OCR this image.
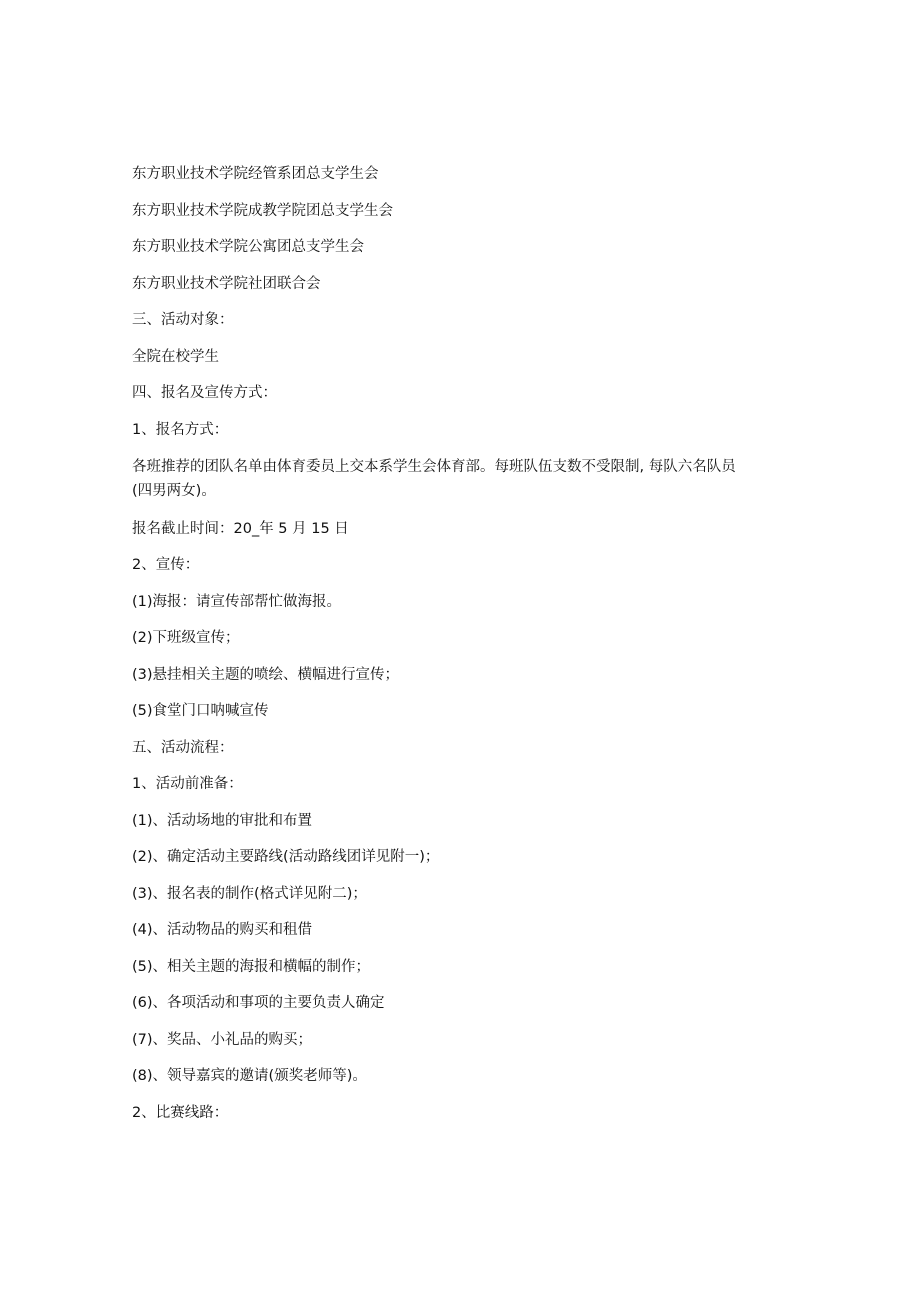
东方职业技术学院经管系团总支学生会
东方职业技术学院成教学院团总支学生会
东方职业技术学院公寓团总支学生会
东方职业技术学院社团联合会
三、活动对象：
全院在校学生
四、报名及宣传方式：
1、报名方式：
各班推荐的团队名单由体育委员上交本系学生会体育部。每班队伍支数不受限制, 每队六名队员
(四男两女)。
报名截止时间：20_年 5 月 15 日
2、宣传：
(1)海报：请宣传部帮忙做海报。
(2)下班级宣传；
(3)悬挂相关主题的喷绘、横幅进行宣传；
(5)食堂门口呐喊宣传
五、活动流程：
1、活动前准备：
(1)、活动场地的审批和布置
(2)、确定活动主要路线(活动路线团详见附一)；
(3)、报名表的制作(格式详见附二)；
(4)、活动物品的购买和租借
(5)、相关主题的海报和横幅的制作；
(6)、各项活动和事项的主要负责人确定
(7)、奖品、小礼品的购买；
(8)、领导嘉宾的邀请(颁奖老师等)。
2、比赛线路：
